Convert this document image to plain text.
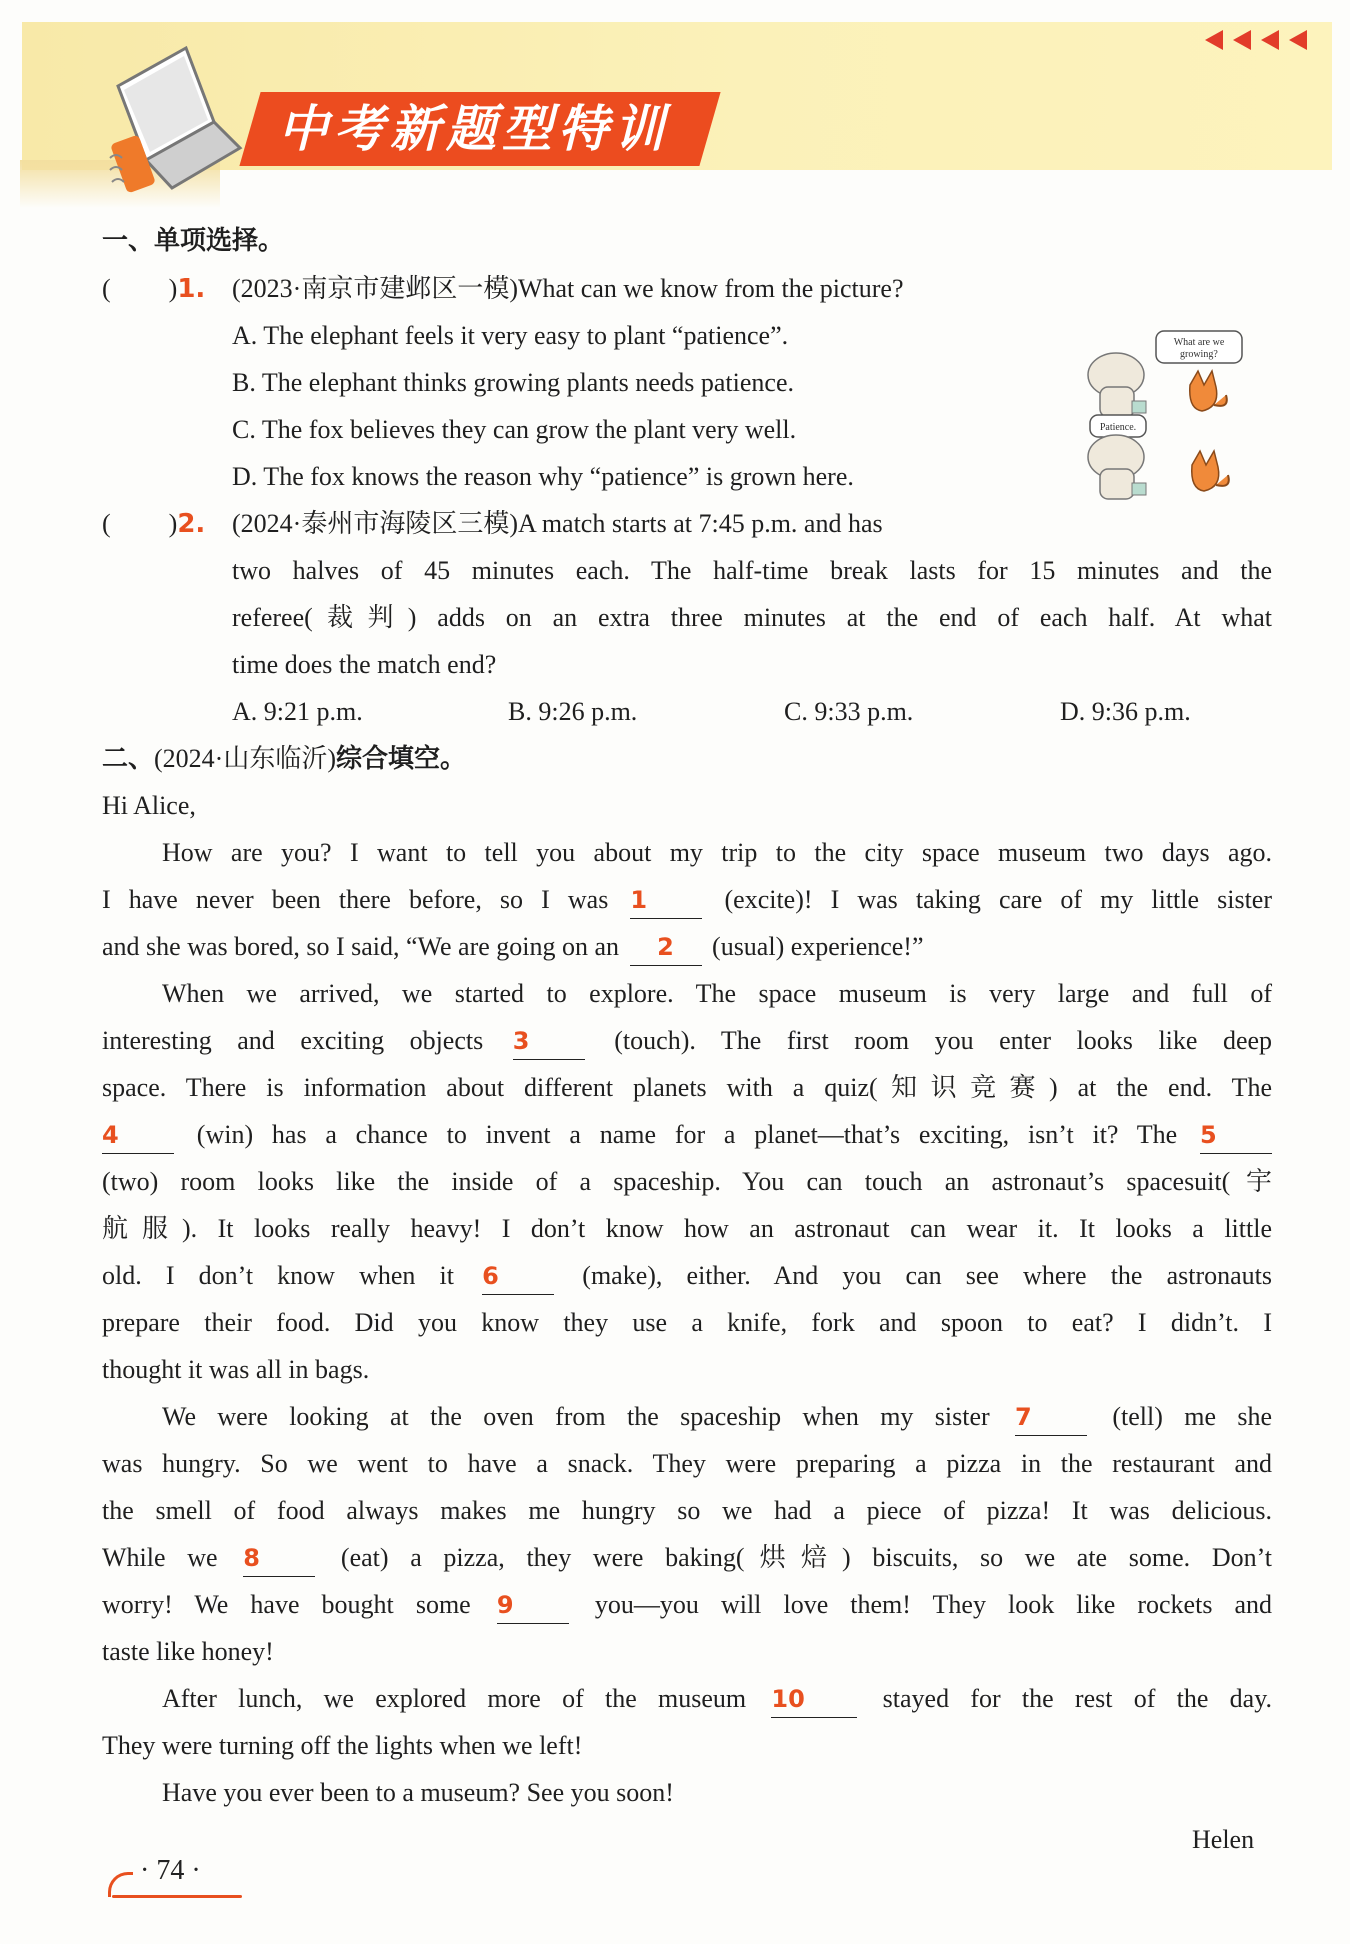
中考新题型特训
一、单项选择。
( )1. (2023·南京市建邺区一模)What can we know from the picture?
A. The elephant feels it very easy to plant “patience”.
B. The elephant thinks growing plants needs patience.
C. The fox believes they can grow the plant very well.
D. The fox knows the reason why “patience” is grown here.
What are we
growing?
Patience.
( )2. (2024·泰州市海陵区三模)A match starts at 7:45 p.m. and has
two halves of 45 minutes each. The half-time break lasts for 15 minutes and the
referee(裁判) adds on an extra three minutes at the end of each half. At what
time does the match end?
A. 9:21 p.m.	B. 9:26 p.m.	C. 9:33 p.m.	D. 9:36 p.m.
二、(2024·山东临沂)综合填空。
Hi Alice,
How are you? I want to tell you about my trip to the city space museum two days ago.
I have never been there before, so I was 1	(excite)! I was taking care of my little sister
and she was bored, so I said, “We are going on an 2 (usual) experience!”
When we arrived, we started to explore. The space museum is very large and full of
interesting and exciting objects 3	(touch). The first room you enter looks like deep
space. There is information about different planets with a quiz(知识竞赛) at the end. The
4	(win) has a chance to invent a name for a planet—that’s exciting, isn’t it? The 5
(two) room looks like the inside of a spaceship. You can touch an astronaut’s spacesuit(宇
航服). It looks really heavy! I don’t know how an astronaut can wear it. It looks a little
old. I don’t know when it 6	(make), either. And you can see where the astronauts
prepare their food. Did you know they use a knife, fork and spoon to eat? I didn’t. I
thought it was all in bags.
We were looking at the oven from the spaceship when my sister 7	(tell) me she
was hungry. So we went to have a snack. They were preparing a pizza in the restaurant and
the smell of food always makes me hungry so we had a piece of pizza! It was delicious.
While we 8	(eat) a pizza, they were baking(烘焙) biscuits, so we ate some. Don’t
worry! We have bought some 9	you—you will love them! They look like rockets and
taste like honey!
After lunch, we explored more of the museum 10	stayed for the rest of the day.
They were turning off the lights when we left!
Have you ever been to a museum? See you soon!
Helen
· 74 ·
